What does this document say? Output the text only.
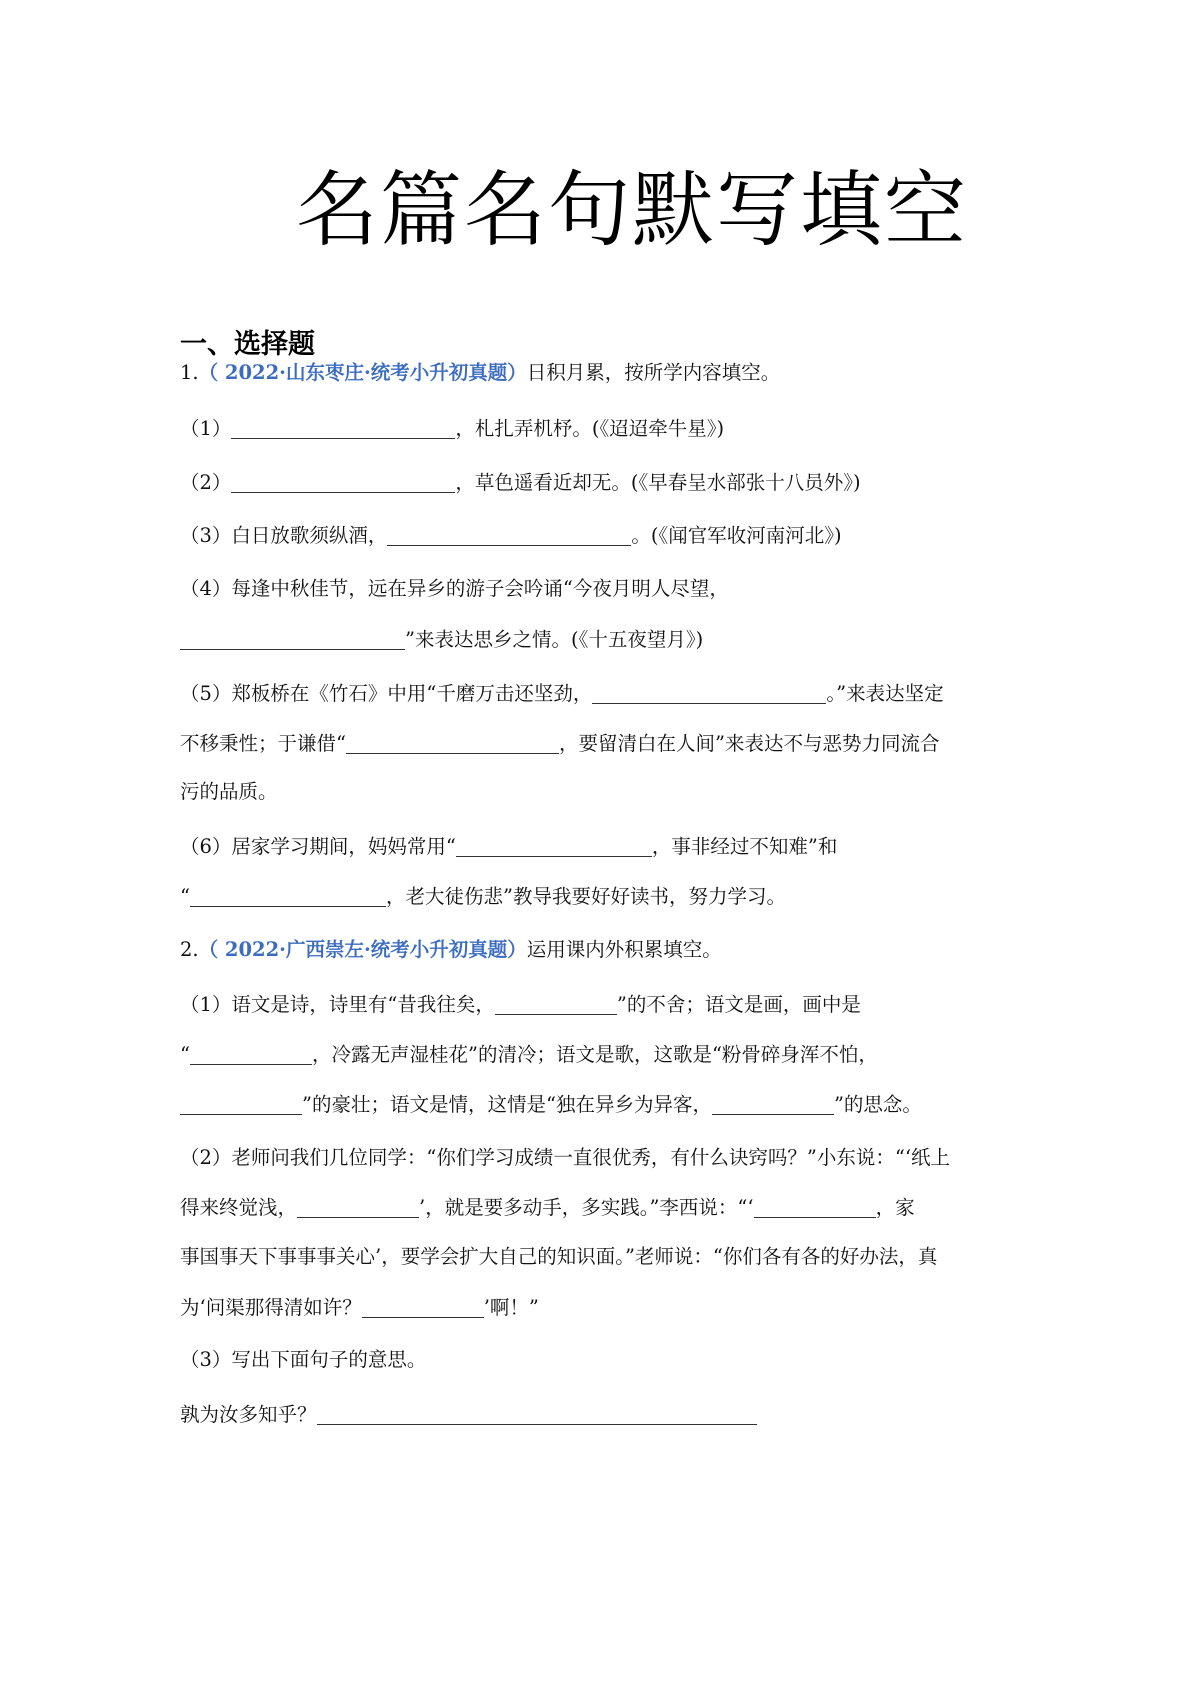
名篇名句默写填空
一、选择题
1.（ 2022·山东枣庄·统考小升初真题）日积月累，按所学内容填空。
（1）	，札扎弄机杼。(《迢迢牵牛星》)
（2）	，草色遥看近却无。(《早春呈水部张十八员外》)
（3）白日放歌须纵酒，	。(《闻官军收河南河北》)
（4）每逢中秋佳节，远在异乡的游子会吟诵“今夜月明人尽望，
”来表达思乡之情。(《十五夜望月》)
（5）郑板桥在《竹石》中用“千磨万击还坚劲，	。”来表达坚定
不移秉性；于谦借“	，要留清白在人间”来表达不与恶势力同流合
污的品质。
（6）居家学习期间，妈妈常用“	，事非经过不知难”和
“	，老大徒伤悲”教导我要好好读书，努力学习。
2.（ 2022·广西崇左·统考小升初真题）运用课内外积累填空。
（1）语文是诗，诗里有“昔我往矣，	”的不舍；语文是画，画中是
“	，冷露无声湿桂花”的清冷；语文是歌，这歌是“粉骨碎身浑不怕，
”的豪壮；语文是情，这情是“独在异乡为异客，	”的思念。
（2）老师问我们几位同学：“你们学习成绩一直很优秀，有什么诀窍吗？”小东说：“‘纸上
得来终觉浅，	’，就是要多动手，多实践。”李西说：“‘	，家
事国事天下事事事关心’，要学会扩大自己的知识面。”老师说：“你们各有各的好办法，真
为‘问渠那得清如许？	’啊！”
（3）写出下面句子的意思。
孰为汝多知乎？
